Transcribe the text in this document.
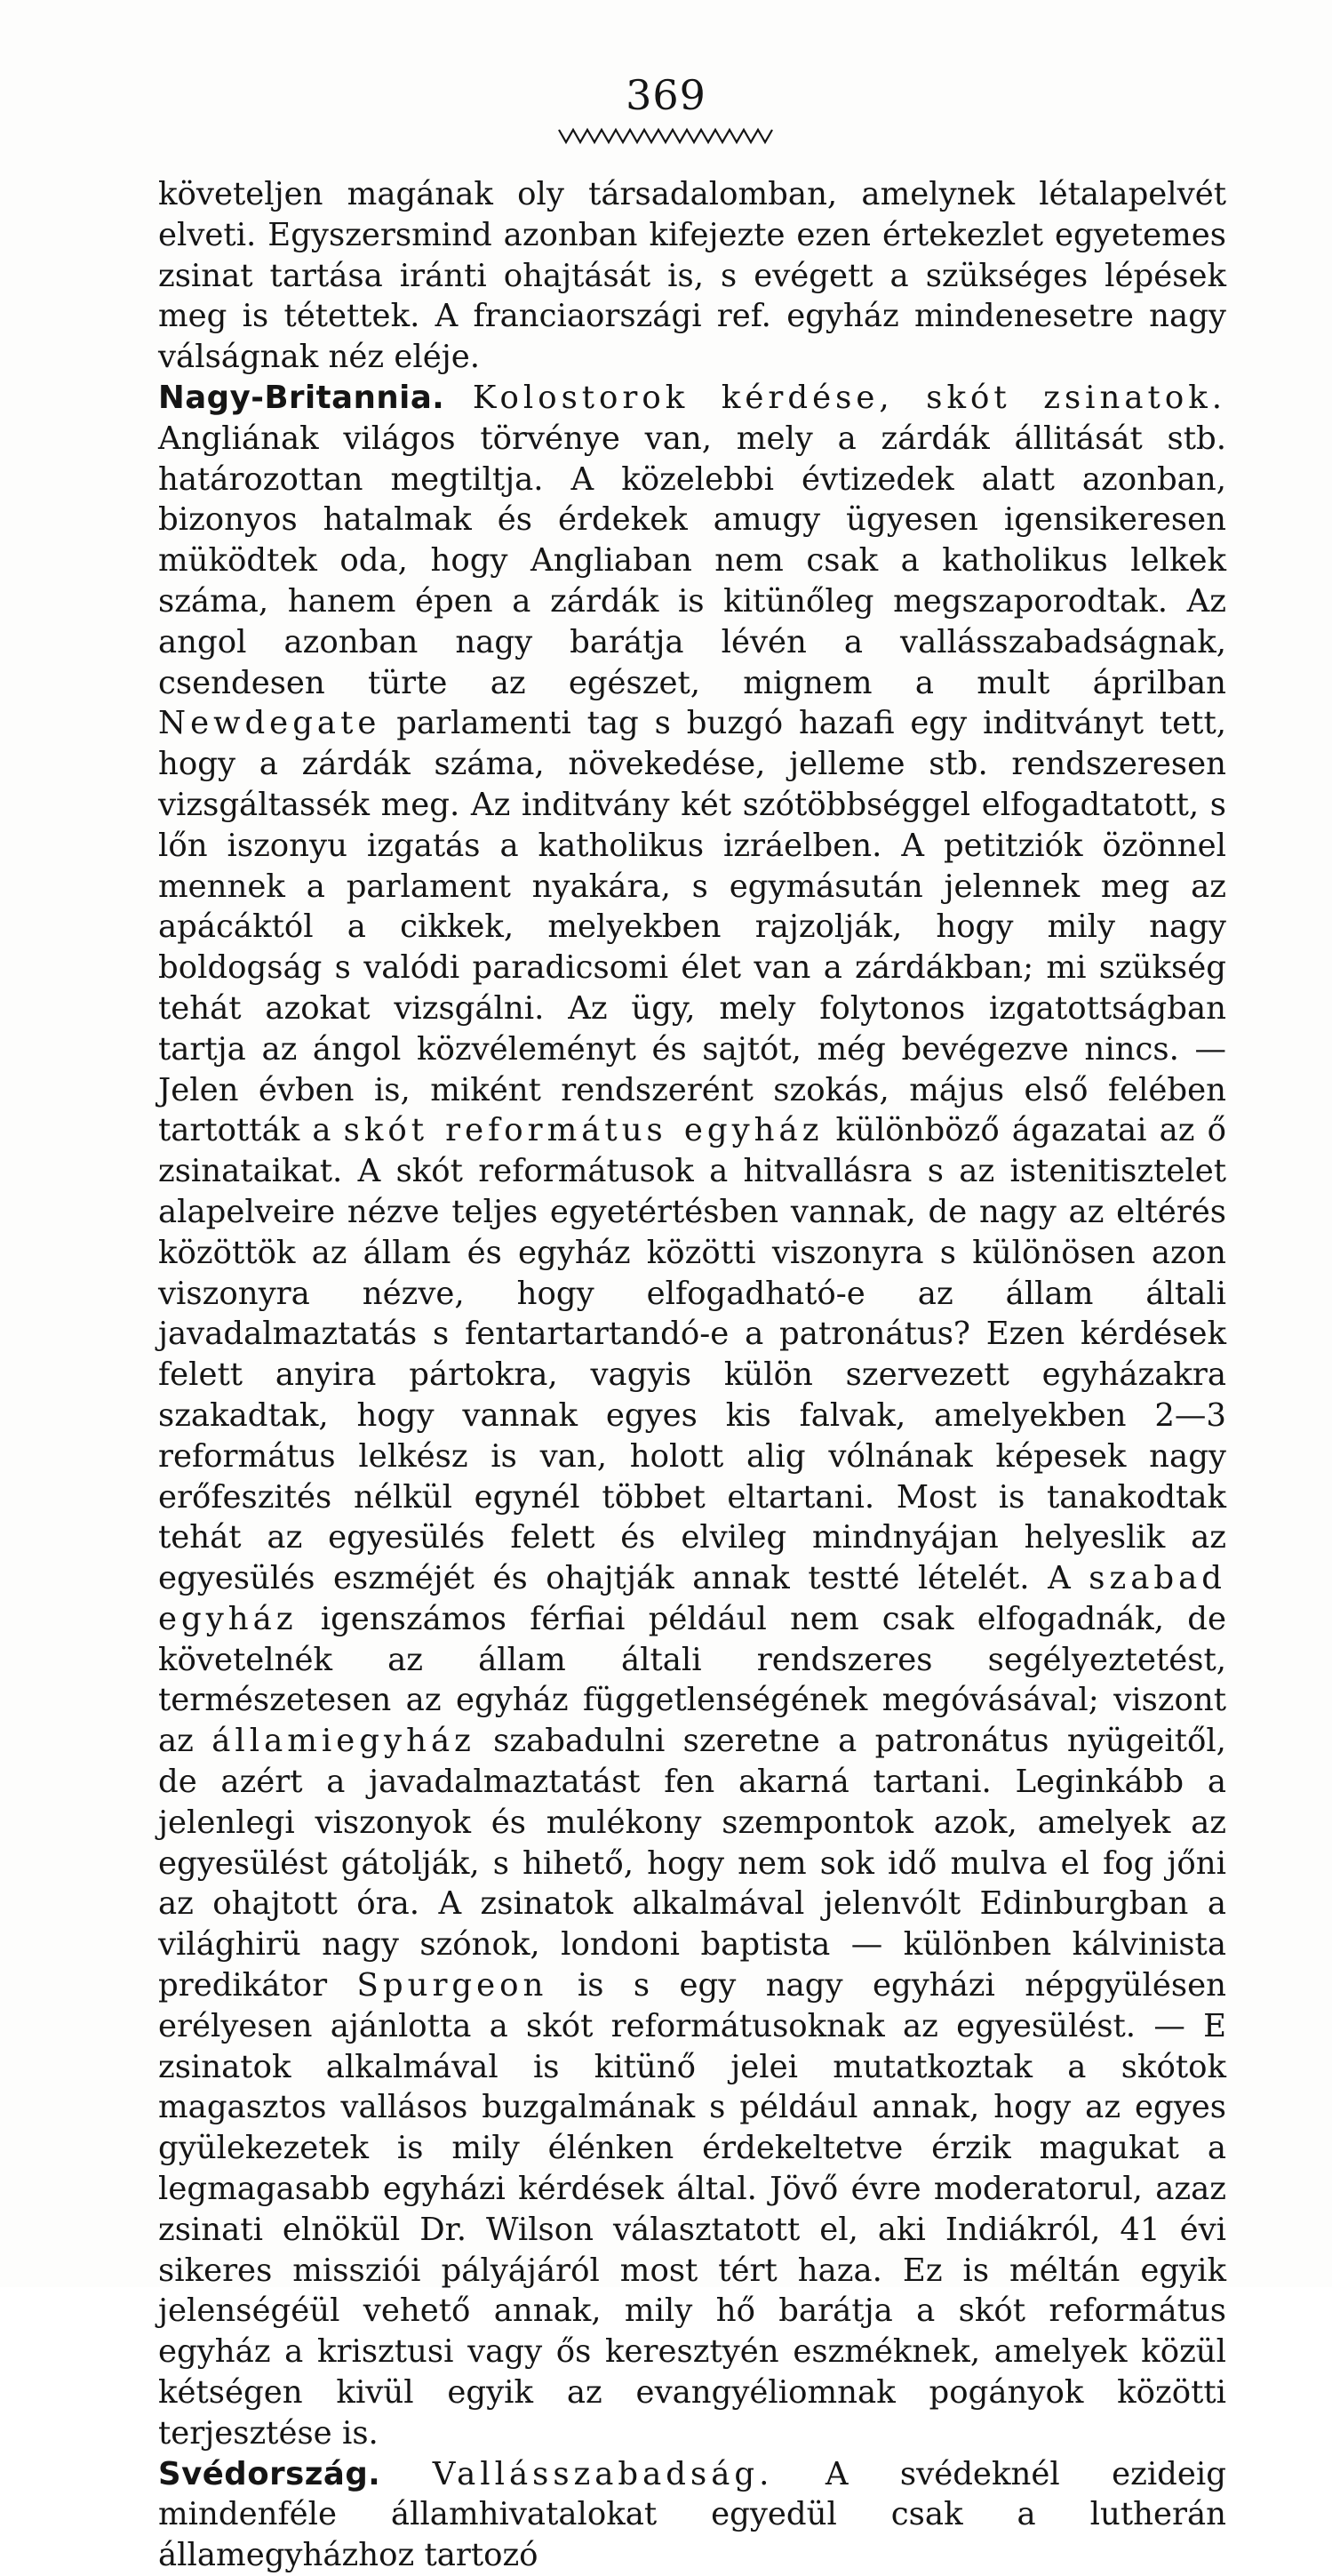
369

követeljen magának oly társadalomban, amelynek létalapelvét elveti. Egyszersmind azonban kifejezte ezen értekezlet egyetemes zsinat tartása iránti ohajtását is, s evégett a szükséges lépések meg is tétettek. A franciaországi ref. egyház mindenesetre nagy válságnak néz eléje.

Nagy-Britannia. Kolostorok kérdése, skót zsinatok. Angliának világos törvénye van, mely a zárdák állitását stb. határozottan megtiltja. A közelebbi évtizedek alatt azonban, bizonyos hatalmak és érdekek amugy ügyesen igensikeresen müködtek oda, hogy Angliaban nem csak a katholikus lelkek száma, hanem épen a zárdák is kitünőleg megszaporodtak. Az angol azonban nagy barátja lévén a vallásszabadságnak, csendesen türte az egészet, mignem a mult áprilban Newdegate parlamenti tag s buzgó hazafi egy inditványt tett, hogy a zárdák száma, növekedése, jelleme stb. rendszeresen vizsgáltassék meg. Az inditvány két szótöbbséggel elfogadtatott, s lőn iszonyu izgatás a katholikus izráelben. A petitziók özönnel mennek a parlament nyakára, s egymásután jelennek meg az apácáktól a cikkek, melyekben rajzolják, hogy mily nagy boldogság s valódi paradicsomi élet van a zárdákban; mi szükség tehát azokat vizsgálni. Az ügy, mely folytonos izgatottságban tartja az ángol közvéleményt és sajtót, még bevégezve nincs. — Jelen évben is, miként rendszerént szokás, május első felében tartották a skót református egyház különböző ágazatai az ő zsinataikat. A skót reformátusok a hitvallásra s az istenitisztelet alapelveire nézve teljes egyetértésben vannak, de nagy az eltérés közöttök az állam és egyház közötti viszonyra s különösen azon viszonyra nézve, hogy elfogadható-e az állam általi javadalmaztatás s fentartartandó-e a patronátus? Ezen kérdések felett anyira pártokra, vagyis külön szervezett egyházakra szakadtak, hogy vannak egyes kis falvak, amelyekben 2—3 református lelkész is van, holott alig vólnának képesek nagy erőfeszités nélkül egynél többet eltartani. Most is tanakodtak tehát az egyesülés felett és elvileg mindnyájan helyeslik az egyesülés eszméjét és ohajtják annak testté lételét. A szabad egyház igenszámos férfiai például nem csak elfogadnák, de követelnék az állam általi rendszeres segélyeztetést, természetesen az egyház függetlenségének megóvásával; viszont az államiegyház szabadulni szeretne a patronátus nyügeitől, de azért a javadalmaztatást fen akarná tartani. Leginkább a jelenlegi viszonyok és mulékony szempontok azok, amelyek az egyesülést gátolják, s hihető, hogy nem sok idő mulva el fog jőni az ohajtott óra. A zsinatok alkalmával jelenvólt Edinburgban a világhirü nagy szónok, londoni baptista — különben kálvinista predikátor Spurgeon is s egy nagy egyházi népgyülésen erélyesen ajánlotta a skót reformátusoknak az egyesülést. — E zsinatok alkalmával is kitünő jelei mutatkoztak a skótok magasztos vallásos buzgalmának s például annak, hogy az egyes gyülekezetek is mily élénken érdekeltetve érzik magukat a legmagasabb egyházi kérdések által. Jövő évre moderatorul, azaz zsinati elnökül Dr. Wilson választatott el, aki Indiákról, 41 évi sikeres missziói pályájáról most tért haza. Ez is méltán egyik jelenségéül vehető annak, mily hő barátja a skót református egyház a krisztusi vagy ős keresztyén eszméknek, amelyek közül kétségen kivül egyik az evangyéliomnak pogányok közötti terjesztése is.

Svédország. Vallásszabadság. A svédeknél ezideig mindenféle államhivatalokat egyedül csak a lutherán államegyházhoz tartozó
